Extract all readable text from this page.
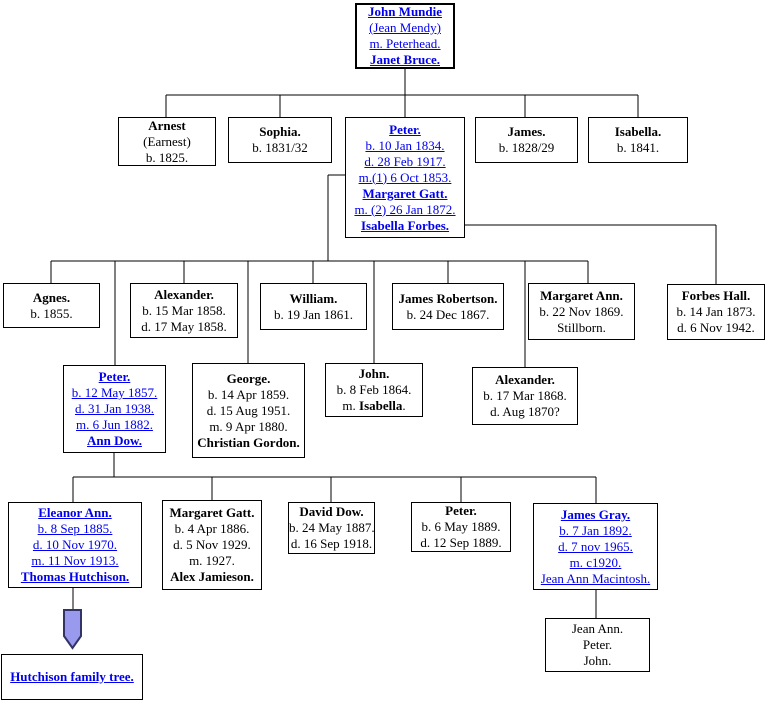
John Mundie
(Jean Mendy)
m. Peterhead.
Janet Bruce.
Arnest
(Earnest)
b. 1825.
Sophia.
b. 1831/32
Peter.
b. 10 Jan 1834.
d. 28 Feb 1917.
m.(1) 6 Oct 1853.
Margaret Gatt.
m. (2) 26 Jan 1872.
Isabella Forbes.
James.
b. 1828/29
Isabella.
b. 1841.
Agnes.
b. 1855.
Alexander.
b. 15 Mar 1858.
d. 17 May 1858.
William.
b. 19 Jan 1861.
James Robertson.
b. 24 Dec 1867.
Margaret Ann.
b. 22 Nov 1869.
Stillborn.
Forbes Hall.
b. 14 Jan 1873.
d. 6 Nov 1942.
Peter.
b. 12 May 1857.
d. 31 Jan 1938.
m. 6 Jun 1882.
Ann Dow.
George.
b. 14 Apr 1859.
d. 15 Aug 1951.
m. 9 Apr 1880.
Christian Gordon.
John.
b. 8 Feb 1864.
m. Isabella.
Alexander.
b. 17 Mar 1868.
d. Aug 1870?
Eleanor Ann.
b. 8 Sep 1885.
d. 10 Nov 1970.
m. 11 Nov 1913.
Thomas Hutchison.
Margaret Gatt.
b. 4 Apr 1886.
d. 5 Nov 1929.
m. 1927.
Alex Jamieson.
David Dow.
b. 24 May 1887.
d. 16 Sep 1918.
Peter.
b. 6 May 1889.
d. 12 Sep 1889.
James Gray.
b. 7 Jan 1892.
d. 7 nov 1965.
m. c1920.
Jean Ann Macintosh.
Jean Ann.
Peter.
John.
Hutchison family tree.
